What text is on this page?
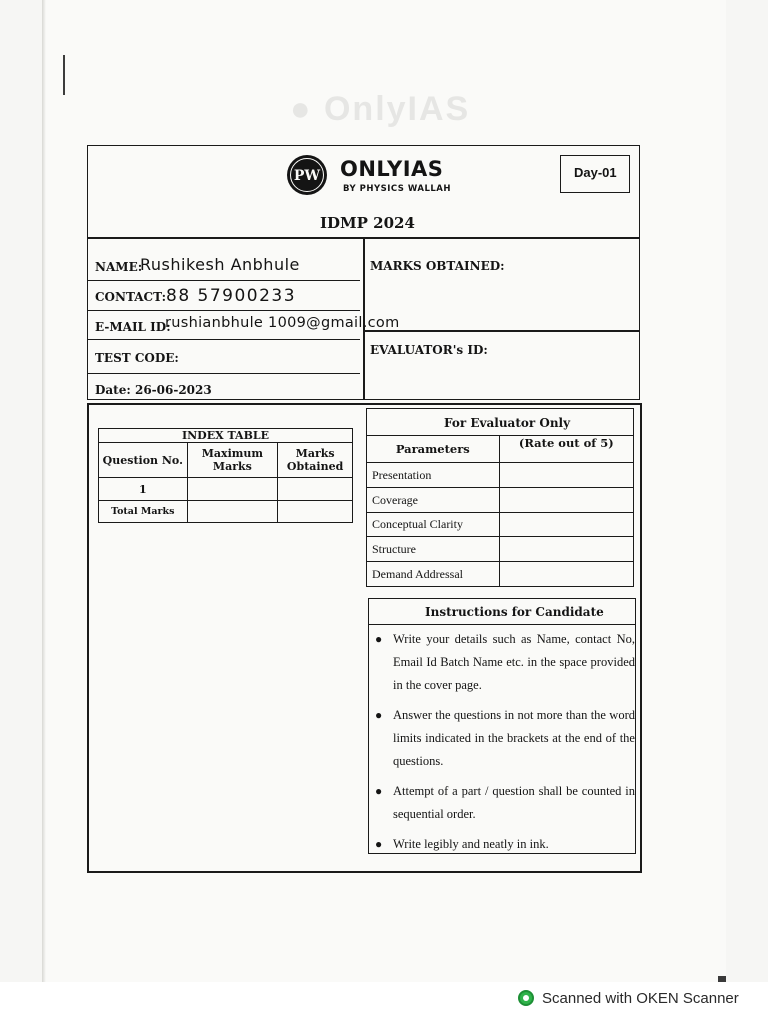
● OnlyIAS
PW ONLYIAS
BY PHYSICS WALLAH
IDMP 2024
Day-01
NAME:
Rushikesh Anbhule
CONTACT: 88 57900233
E-MAIL ID:
rushianbhule 1009@gmail.com
TEST CODE:
Date: 26-06-2023
MARKS OBTAINED:
EVALUATOR's ID:
INDEX TABLE		
Question No.	Maximum Marks	Marks Obtained
1		
Total Marks		
For Evaluator Only
Parameters	(Rate out of 5)
Presentation	
Coverage	
Conceptual Clarity	
Structure	
Demand Addressal	
Instructions for Candidate
● Write your details such as Name, contact No, Email Id Batch Name etc. in the space provided in the cover page.
● Answer the questions in not more than the word limits indicated in the brackets at the end of the questions.
● Attempt of a part / question shall be counted in sequential order.
● Write legibly and neatly in ink.
Scanned with OKEN Scanner
